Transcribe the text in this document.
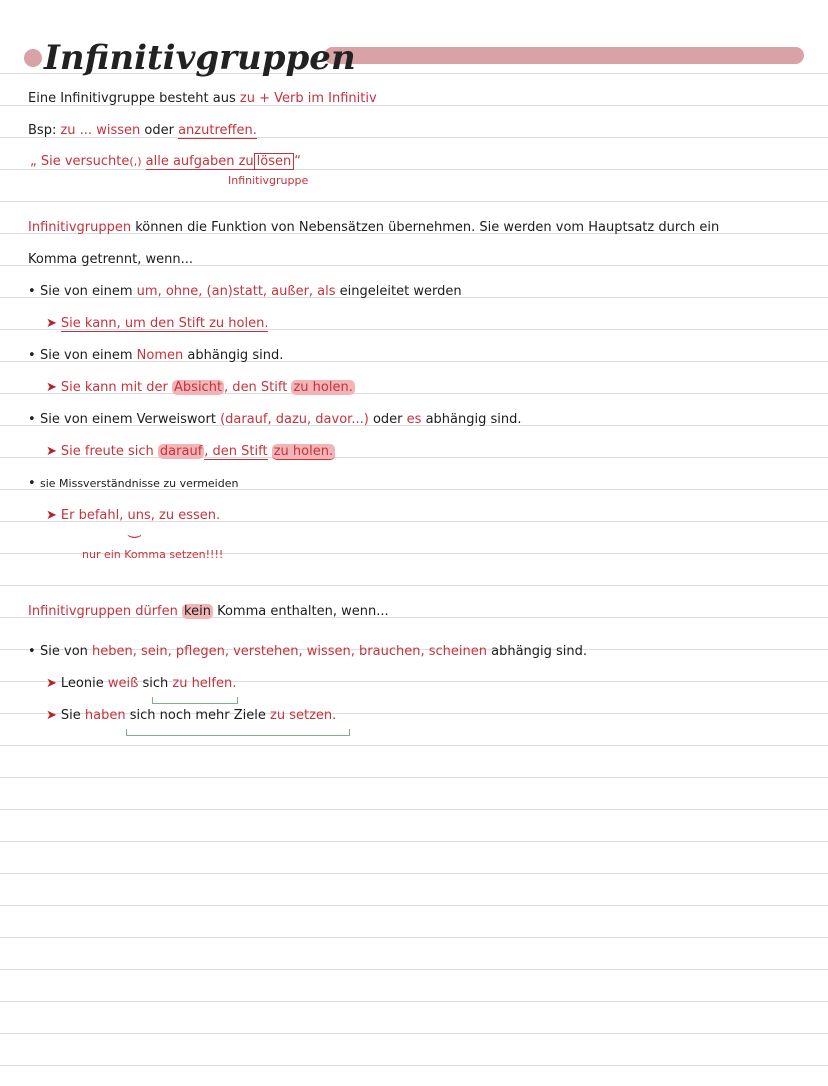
Infinitivgruppen
Eine Infinitivgruppe besteht aus zu + Verb im Infinitiv
Bsp: zu ... wissen oder anzutreffen.
„ Sie versuchte(,) alle aufgaben zu lösen “
Infinitivgruppe
Infinitivgruppen können die Funktion von Nebensätzen übernehmen. Sie werden vom Hauptsatz durch ein
Komma getrennt, wenn...
• Sie von einem um, ohne, (an)statt, außer, als eingeleitet werden
➤ Sie kann, um den Stift zu holen.
• Sie von einem Nomen abhängig sind.
➤ Sie kann mit der Absicht , den Stift zu holen.
• Sie von einem Verweiswort (darauf, dazu, davor...) oder es abhängig sind.
➤ Sie freute sich darauf , den Stift zu holen.
• sie Missverständnisse zu vermeiden
➤ Er befahl, uns, zu essen.
⏝
nur ein Komma setzen!!!!
Infinitivgruppen dürfen kein Komma enthalten, wenn...
• Sie von heben, sein, pflegen, verstehen, wissen, brauchen, scheinen abhängig sind.
➤ Leonie weiß sich zu helfen.
➤ Sie haben sich noch mehr Ziele zu setzen.
